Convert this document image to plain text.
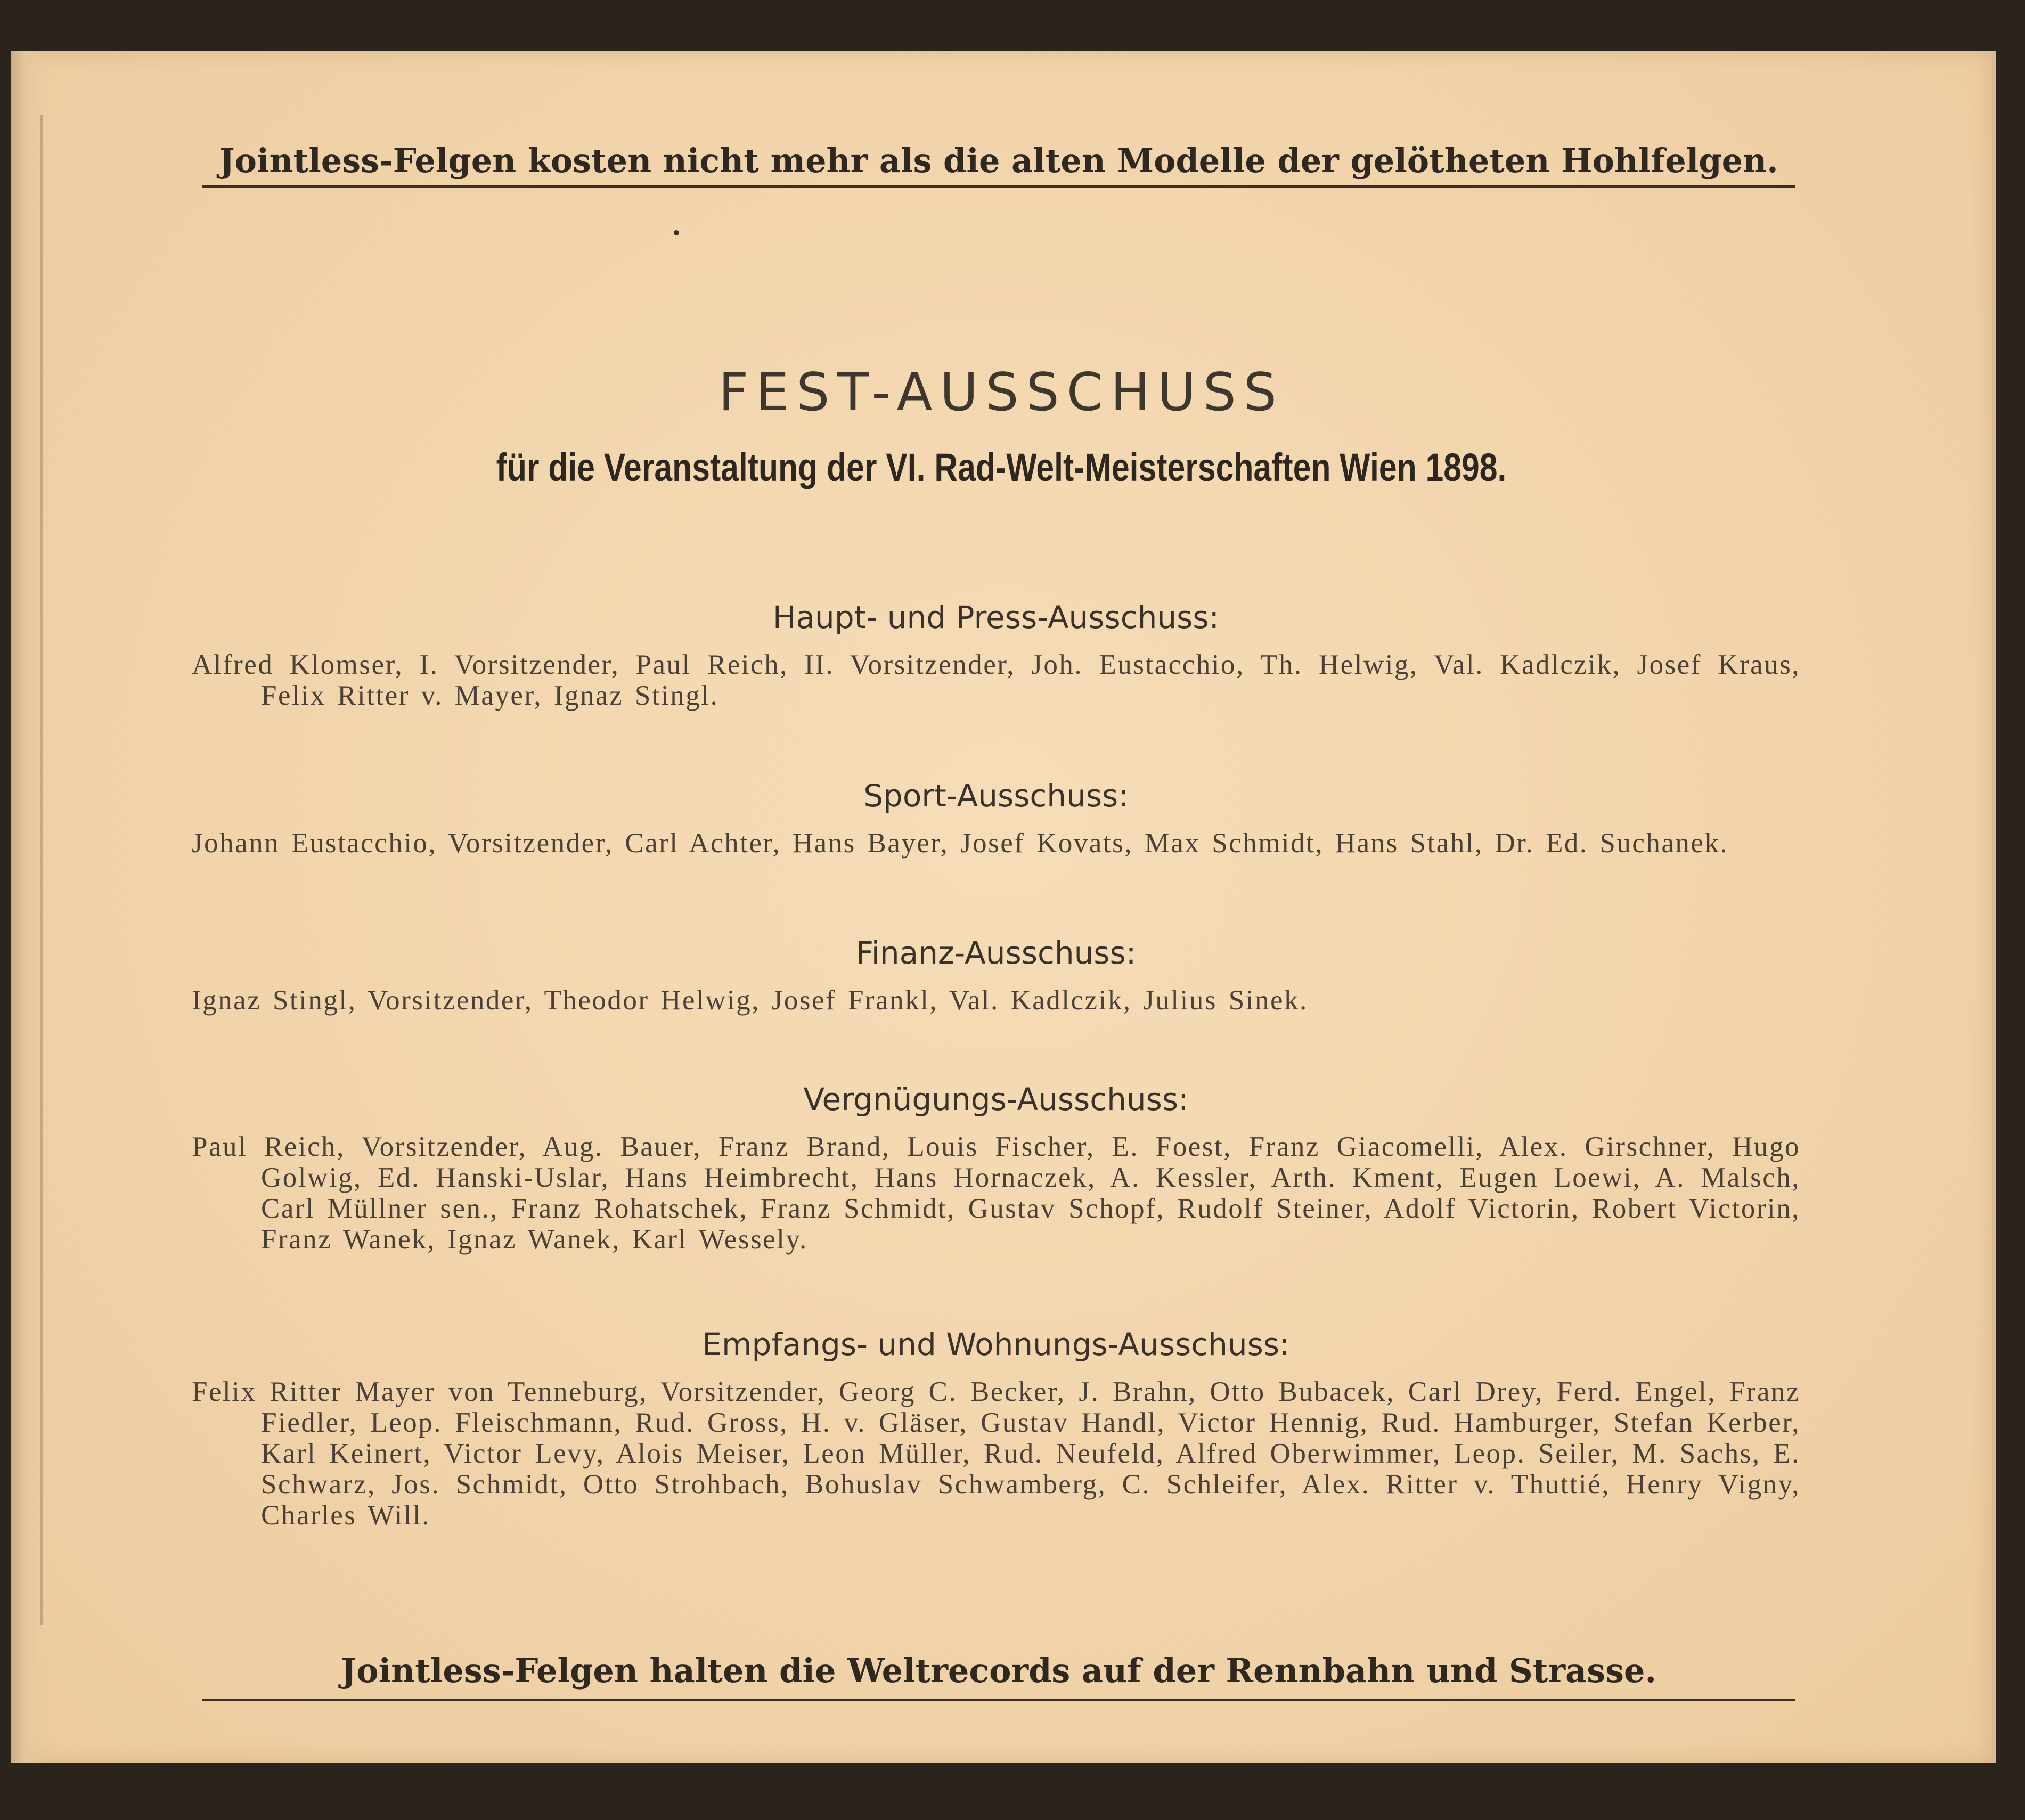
Jointless-Felgen kosten nicht mehr als die alten Modelle der gelötheten Hohlfelgen.

FEST-AUSSCHUSS

für die Veranstaltung der VI. Rad-Welt-Meisterschaften Wien 1898.

Haupt- und Press-Ausschuss:

Alfred Klomser, I. Vorsitzender, Paul Reich, II. Vorsitzender, Joh. Eustacchio, Th. Helwig, Val. Kadlczik, Josef Kraus, Felix Ritter v. Mayer, Ignaz Stingl.

Sport-Ausschuss:

Johann Eustacchio, Vorsitzender, Carl Achter, Hans Bayer, Josef Kovats, Max Schmidt, Hans Stahl, Dr. Ed. Suchanek.

Finanz-Ausschuss:

Ignaz Stingl, Vorsitzender, Theodor Helwig, Josef Frankl, Val. Kadlczik, Julius Sinek.

Vergnügungs-Ausschuss:

Paul Reich, Vorsitzender, Aug. Bauer, Franz Brand, Louis Fischer, E. Foest, Franz Giacomelli, Alex. Girschner, Hugo Golwig, Ed. Hanski-Uslar, Hans Heimbrecht, Hans Hornaczek, A. Kessler, Arth. Kment, Eugen Loewi, A. Malsch, Carl Müllner sen., Franz Rohatschek, Franz Schmidt, Gustav Schopf, Rudolf Steiner, Adolf Victorin, Robert Victorin, Franz Wanek, Ignaz Wanek, Karl Wessely.

Empfangs- und Wohnungs-Ausschuss:

Felix Ritter Mayer von Tenneburg, Vorsitzender, Georg C. Becker, J. Brahn, Otto Bubacek, Carl Drey, Ferd. Engel, Franz Fiedler, Leop. Fleischmann, Rud. Gross, H. v. Gläser, Gustav Handl, Victor Hennig, Rud. Hamburger, Stefan Kerber, Karl Keinert, Victor Levy, Alois Meiser, Leon Müller, Rud. Neufeld, Alfred Oberwimmer, Leop. Seiler, M. Sachs, E. Schwarz, Jos. Schmidt, Otto Strohbach, Bohuslav Schwamberg, C. Schleifer, Alex. Ritter v. Thuttié, Henry Vigny, Charles Will.

Jointless-Felgen halten die Weltrecords auf der Rennbahn und Strasse.
